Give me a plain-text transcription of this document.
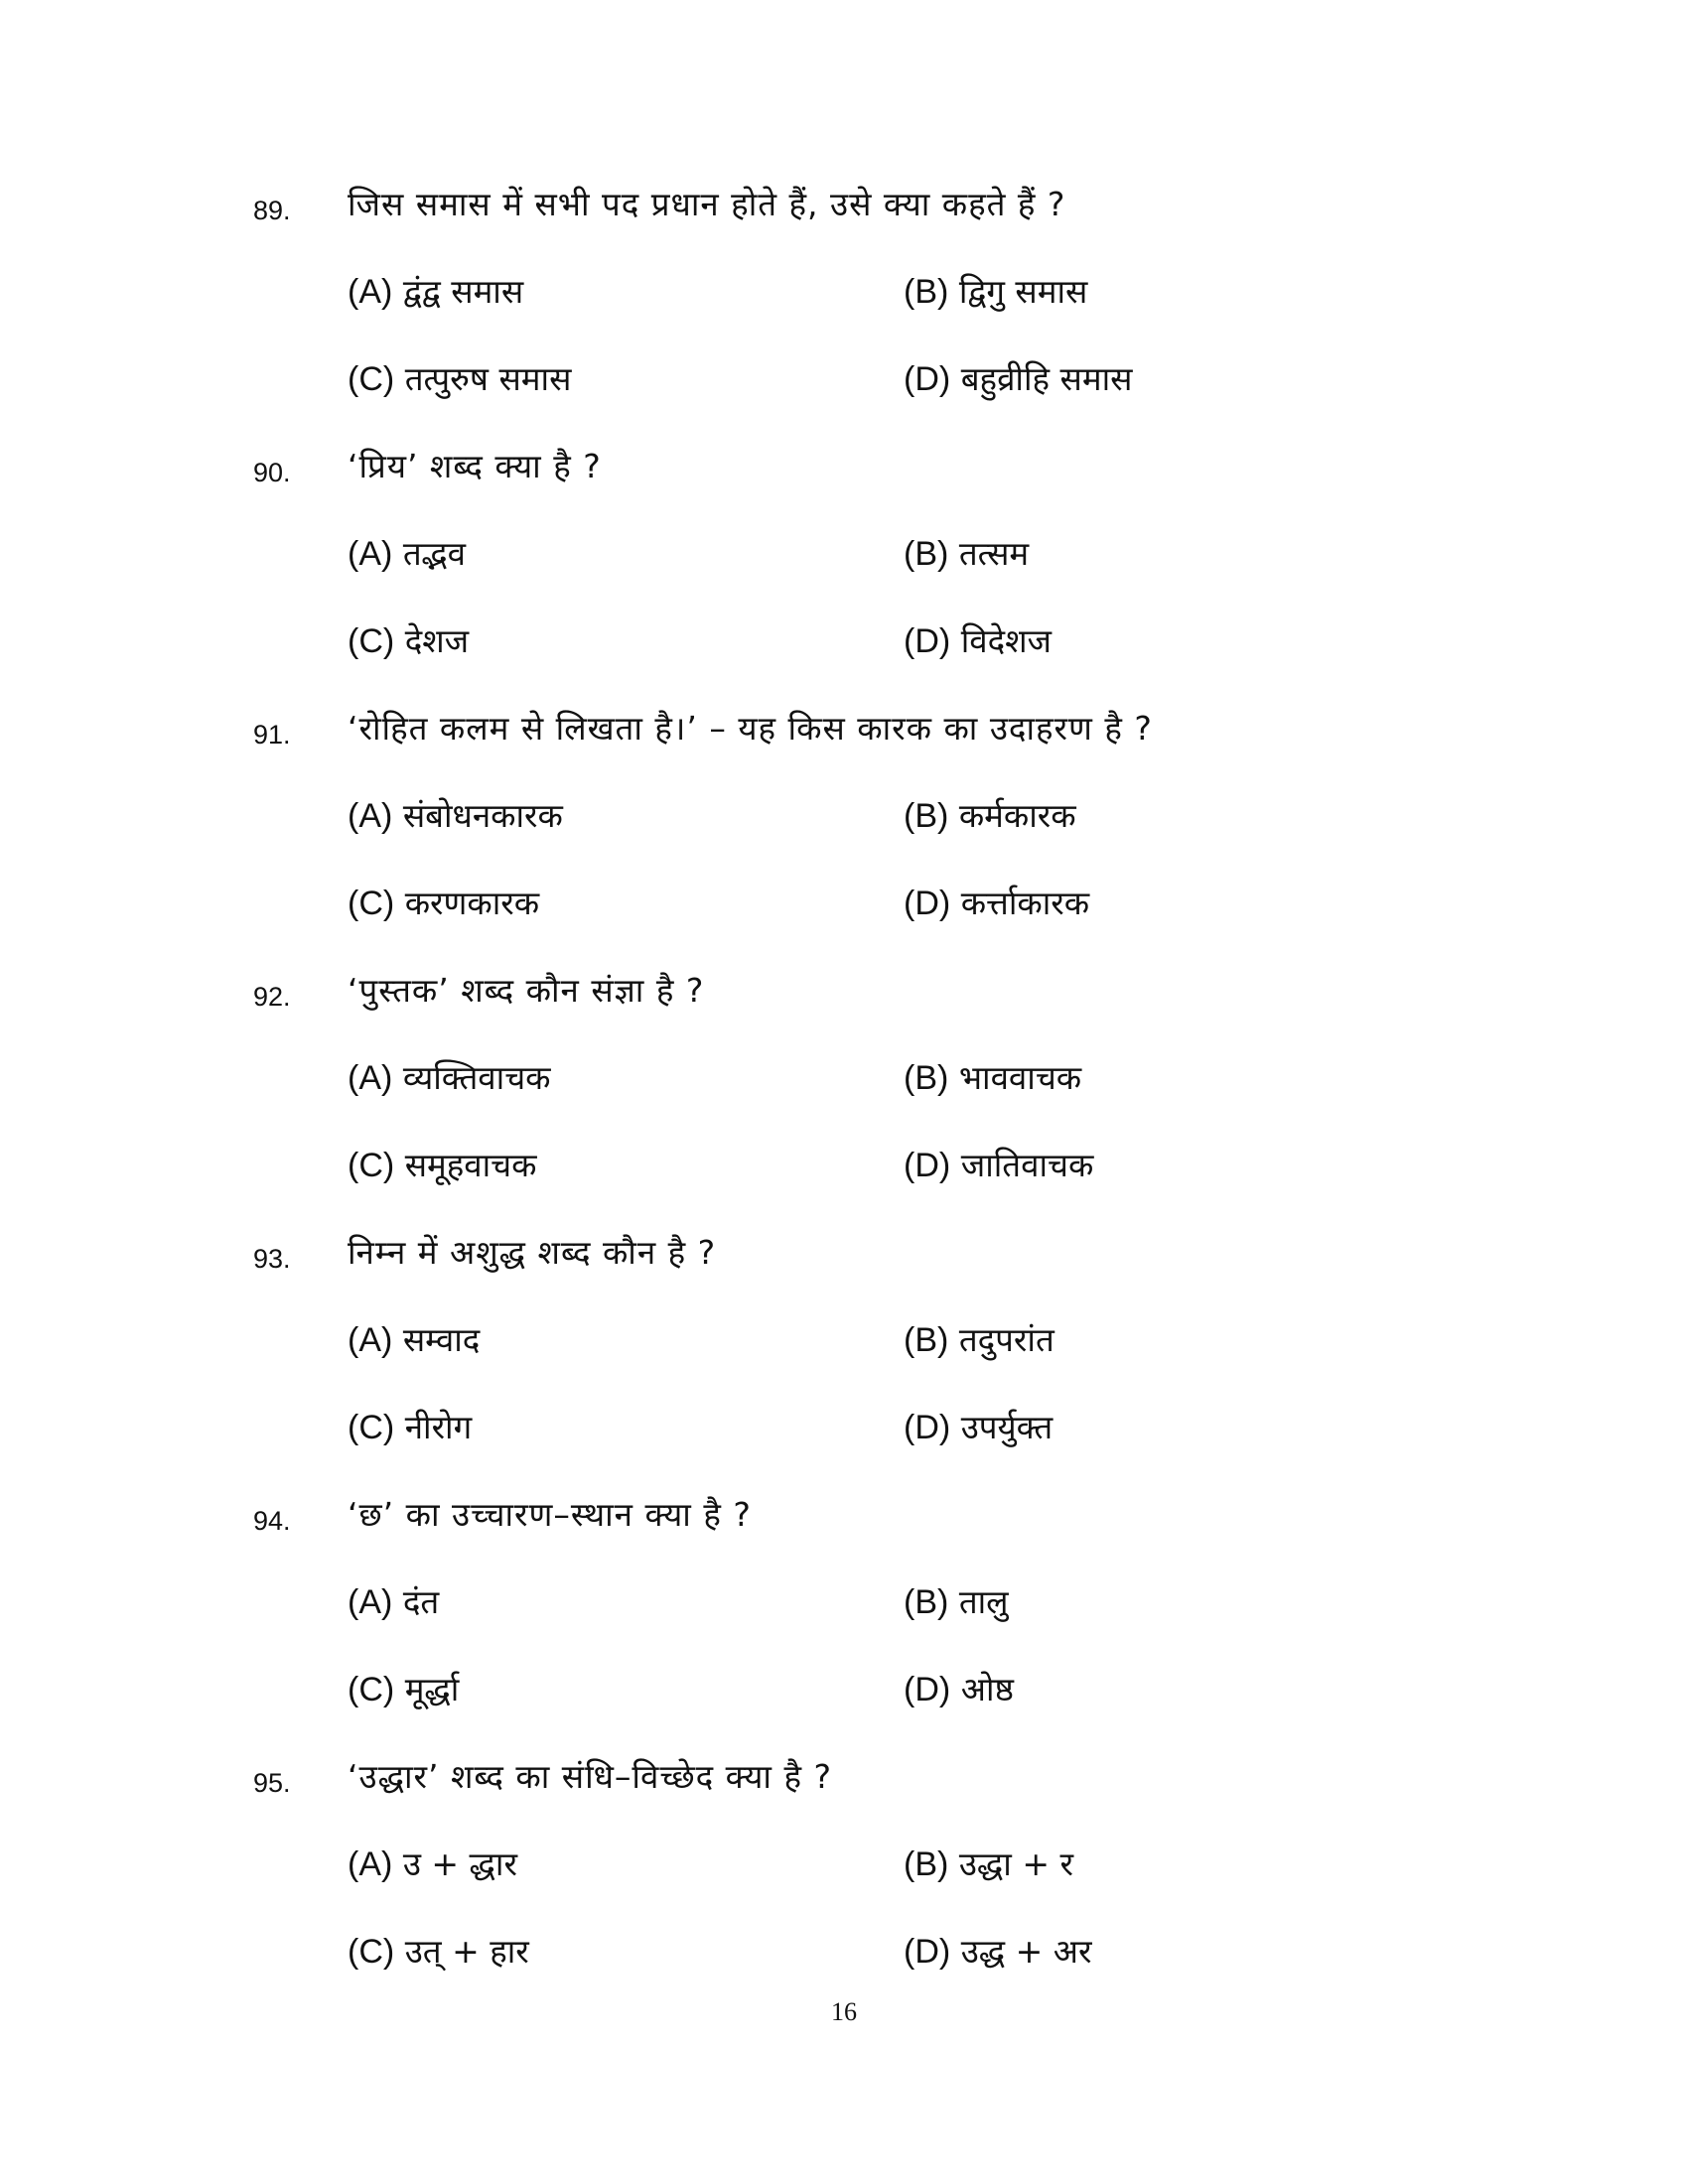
89. जिस समास में सभी पद प्रधान होते हैं, उसे क्या कहते हैं ?
(A) द्वंद्व समास	(B) द्विगु समास
(C) तत्पुरुष समास	(D) बहुव्रीहि समास
90. ‘प्रिय’ शब्द क्या है ?
(A) तद्भव	(B) तत्सम
(C) देशज	(D) विदेशज
91. ‘रोहित कलम से लिखता है।’ – यह किस कारक का उदाहरण है ?
(A) संबोधनकारक	(B) कर्मकारक
(C) करणकारक	(D) कर्त्ताकारक
92. ‘पुस्तक’ शब्द कौन संज्ञा है ?
(A) व्यक्तिवाचक	(B) भाववाचक
(C) समूहवाचक	(D) जातिवाचक
93. निम्न में अशुद्ध शब्द कौन है ?
(A) सम्वाद	(B) तदुपरांत
(C) नीरोग	(D) उपर्युक्त
94. ‘छ’ का उच्चारण–स्थान क्या है ?
(A) दंत	(B) तालु
(C) मूर्द्धा	(D) ओष्ठ
95. ‘उद्धार’ शब्द का संधि–विच्छेद क्या है ?
(A) उ + द्धार	(B) उद्धा + र
(C) उत् + हार	(D) उद्ध + अर
16
